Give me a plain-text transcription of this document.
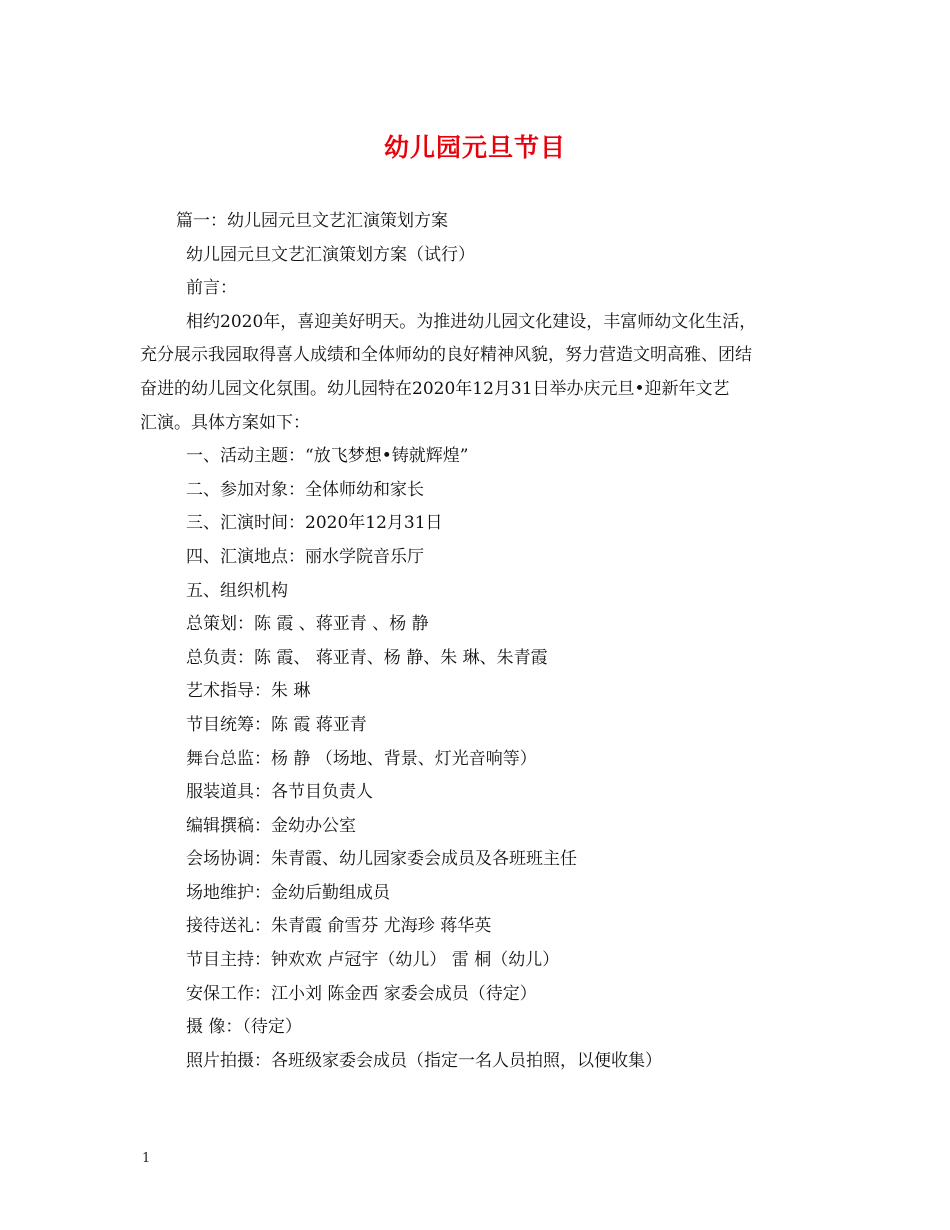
幼儿园元旦节目
篇一：幼儿园元旦文艺汇演策划方案
幼儿园元旦文艺汇演策划方案（试行）
前言：
相约2020年，喜迎美好明天。为推进幼儿园文化建设，丰富师幼文化生活，
充分展示我园取得喜人成绩和全体师幼的良好精神风貌，努力营造文明高雅、团结
奋进的幼儿园文化氛围。幼儿园特在2020年12月31日举办庆元旦•迎新年文艺
汇演。具体方案如下：
一、活动主题：“放飞梦想•铸就辉煌”
二、参加对象：全体师幼和家长
三、汇演时间：2020年12月31日
四、汇演地点：丽水学院音乐厅
五、组织机构
总策划：陈 霞 、蒋亚青 、杨 静
总负责：陈 霞、 蒋亚青、杨 静、朱 琳、朱青霞
艺术指导：朱 琳
节目统筹：陈 霞 蒋亚青
舞台总监：杨 静 （场地、背景、灯光音响等）
服装道具：各节目负责人
编辑撰稿：金幼办公室
会场协调：朱青霞、幼儿园家委会成员及各班班主任
场地维护：金幼后勤组成员
接待送礼：朱青霞 俞雪芬 尤海珍 蒋华英
节目主持：钟欢欢 卢冠宇（幼儿） 雷 桐（幼儿）
安保工作：江小刘 陈金西 家委会成员（待定）
摄 像：（待定）
照片拍摄：各班级家委会成员（指定一名人员拍照，以便收集）
1
